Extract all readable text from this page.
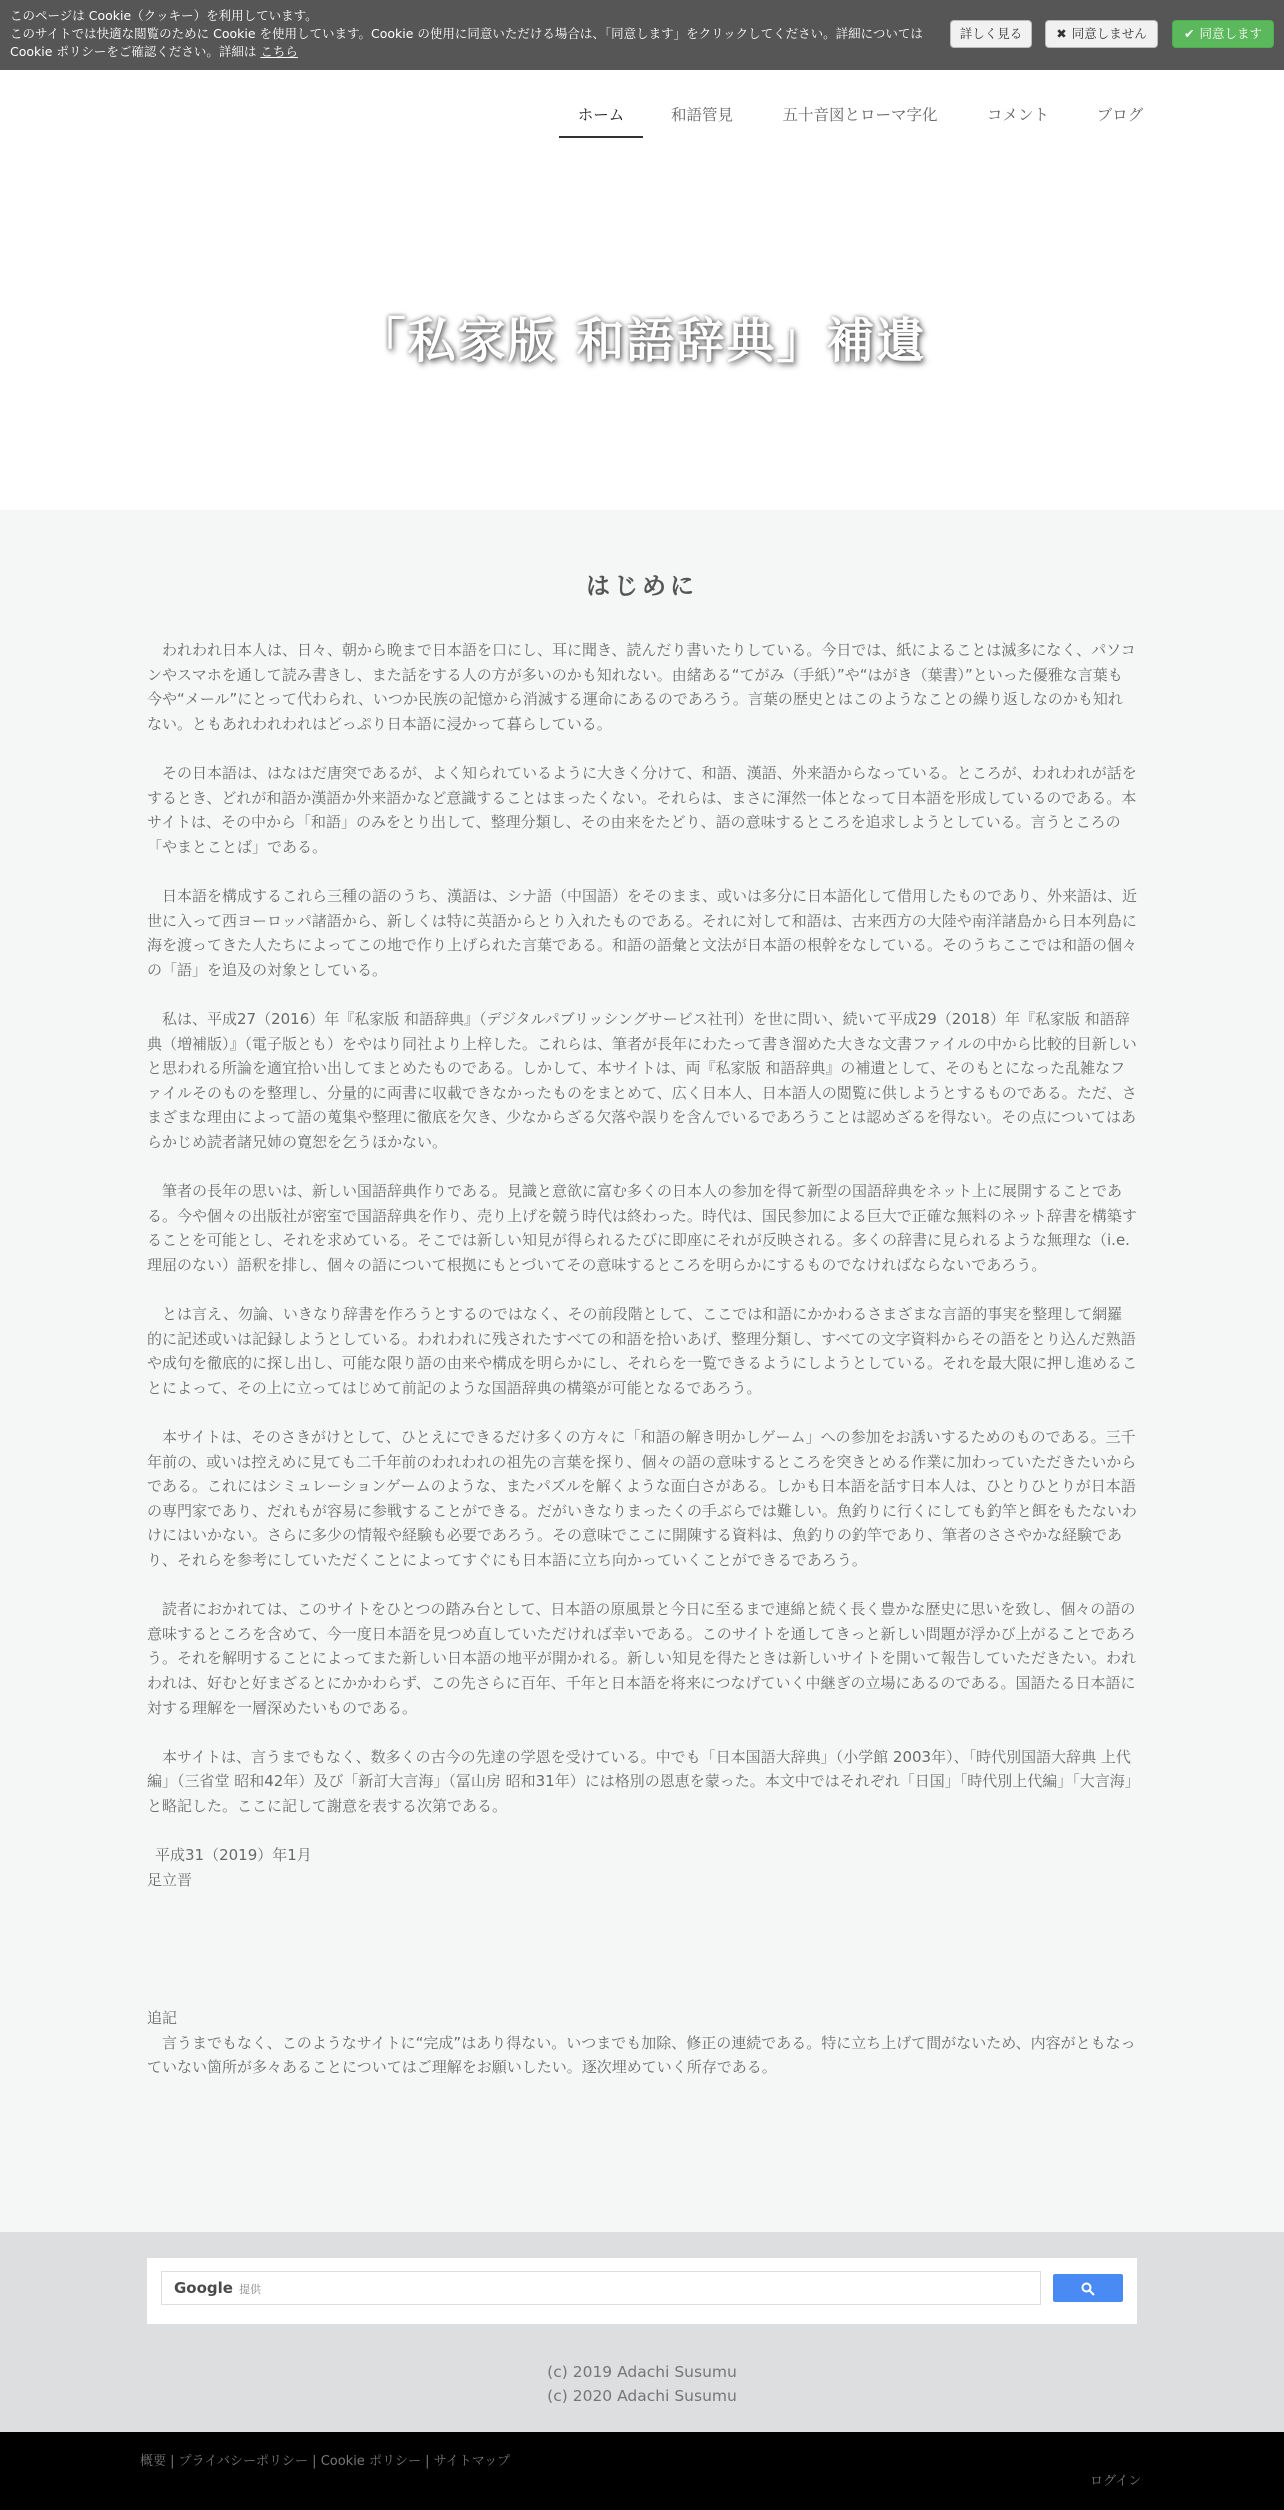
このページは Cookie（クッキー）を利用しています。
このサイトでは快適な閲覧のために Cookie を使用しています。Cookie の使用に同意いただける場合は、「同意します」をクリックしてください。詳細については Cookie ポリシーをご確認ください。詳細は こちら
詳しく見る	✖ 同意しません	✔ 同意します
ホーム	和語管見	五十音図とローマ字化	コメント	ブログ
「私家版 和語辞典」補遺
はじめに

われわれ日本人は、日々、朝から晩まで日本語を口にし、耳に聞き、読んだり書いたりしている。今日では、紙によることは滅多になく、パソコンやスマホを通して読み書きし、また話をする人の方が多いのかも知れない。由緒ある“てがみ（手紙）”や“はがき（葉書）”といった優雅な言葉も今や“メール”にとって代わられ、いつか民族の記憶から消滅する運命にあるのであろう。言葉の歴史とはこのようなことの繰り返しなのかも知れない。ともあれわれわれはどっぷり日本語に浸かって暮らしている。

その日本語は、はなはだ唐突であるが、よく知られているように大きく分けて、和語、漢語、外来語からなっている。ところが、われわれが話をするとき、どれが和語か漢語か外来語かなど意識することはまったくない。それらは、まさに渾然一体となって日本語を形成しているのである。本サイトは、その中から「和語」のみをとり出して、整理分類し、その由来をたどり、語の意味するところを追求しようとしている。言うところの「やまとことば」である。

日本語を構成するこれら三種の語のうち、漢語は、シナ語（中国語）をそのまま、或いは多分に日本語化して借用したものであり、外来語は、近世に入って西ヨーロッパ諸語から、新しくは特に英語からとり入れたものである。それに対して和語は、古来西方の大陸や南洋諸島から日本列島に海を渡ってきた人たちによってこの地で作り上げられた言葉である。和語の語彙と文法が日本語の根幹をなしている。そのうちここでは和語の個々の「語」を追及の対象としている。

私は、平成27（2016）年『私家版 和語辞典』（デジタルパブリッシングサービス社刊）を世に問い、続いて平成29（2018）年『私家版 和語辞典（増補版）』（電子版とも）をやはり同社より上梓した。これらは、筆者が長年にわたって書き溜めた大きな文書ファイルの中から比較的目新しいと思われる所論を適宜拾い出してまとめたものである。しかして、本サイトは、両『私家版 和語辞典』の補遺として、そのもとになった乱雑なファイルそのものを整理し、分量的に両書に収載できなかったものをまとめて、広く日本人、日本語人の閲覧に供しようとするものである。ただ、さまざまな理由によって語の蒐集や整理に徹底を欠き、少なからざる欠落や誤りを含んでいるであろうことは認めざるを得ない。その点についてはあらかじめ読者諸兄姉の寛恕を乞うほかない。

筆者の長年の思いは、新しい国語辞典作りである。見識と意欲に富む多くの日本人の参加を得て新型の国語辞典をネット上に展開することである。今や個々の出版社が密室で国語辞典を作り、売り上げを競う時代は終わった。時代は、国民参加による巨大で正確な無料のネット辞書を構築することを可能とし、それを求めている。そこでは新しい知見が得られるたびに即座にそれが反映される。多くの辞書に見られるような無理な（i.e.理屈のない）語釈を排し、個々の語について根拠にもとづいてその意味するところを明らかにするものでなければならないであろう。

とは言え、勿論、いきなり辞書を作ろうとするのではなく、その前段階として、ここでは和語にかかわるさまざまな言語的事実を整理して網羅的に記述或いは記録しようとしている。われわれに残されたすべての和語を拾いあげ、整理分類し、すべての文字資料からその語をとり込んだ熟語や成句を徹底的に探し出し、可能な限り語の由来や構成を明らかにし、それらを一覧できるようにしようとしている。それを最大限に押し進めることによって、その上に立ってはじめて前記のような国語辞典の構築が可能となるであろう。

本サイトは、そのさきがけとして、ひとえにできるだけ多くの方々に「和語の解き明かしゲーム」への参加をお誘いするためのものである。三千年前の、或いは控えめに見ても二千年前のわれわれの祖先の言葉を探り、個々の語の意味するところを突きとめる作業に加わっていただきたいからである。これにはシミュレーションゲームのような、またパズルを解くような面白さがある。しかも日本語を話す日本人は、ひとりひとりが日本語の専門家であり、だれもが容易に参戦することができる。だがいきなりまったくの手ぶらでは難しい。魚釣りに行くにしても釣竿と餌をもたないわけにはいかない。さらに多少の情報や経験も必要であろう。その意味でここに開陳する資料は、魚釣りの釣竿であり、筆者のささやかな経験であり、それらを参考にしていただくことによってすぐにも日本語に立ち向かっていくことができるであろう。

読者におかれては、このサイトをひとつの踏み台として、日本語の原風景と今日に至るまで連綿と続く長く豊かな歴史に思いを致し、個々の語の意味するところを含めて、今一度日本語を見つめ直していただければ幸いである。このサイトを通してきっと新しい問題が浮かび上がることであろう。それを解明することによってまた新しい日本語の地平が開かれる。新しい知見を得たときは新しいサイトを開いて報告していただきたい。われわれは、好むと好まざるとにかかわらず、この先さらに百年、千年と日本語を将来につなげていく中継ぎの立場にあるのである。国語たる日本語に対する理解を一層深めたいものである。

本サイトは、言うまでもなく、数多くの古今の先達の学恩を受けている。中でも「日本国語大辞典」（小学館 2003年）、「時代別国語大辞典 上代編」（三省堂 昭和42年）及び「新訂大言海」（冨山房 昭和31年）には格別の恩恵を蒙った。本文中ではそれぞれ「日国」「時代別上代編」「大言海」と略記した。ここに記して謝意を表する次第である。

平成31（2019）年1月
足立晋
追記

言うまでもなく、このようなサイトに“完成”はあり得ない。いつまでも加除、修正の連続である。特に立ち上げて間がないため、内容がともなっていない箇所が多々あることについてはご理解をお願いしたい。逐次埋めていく所存である。

Google 提供
(c) 2019 Adachi Susumu
(c) 2020 Adachi Susumu
概要 | プライバシーポリシー | Cookie ポリシー | サイトマップ
ログイン
